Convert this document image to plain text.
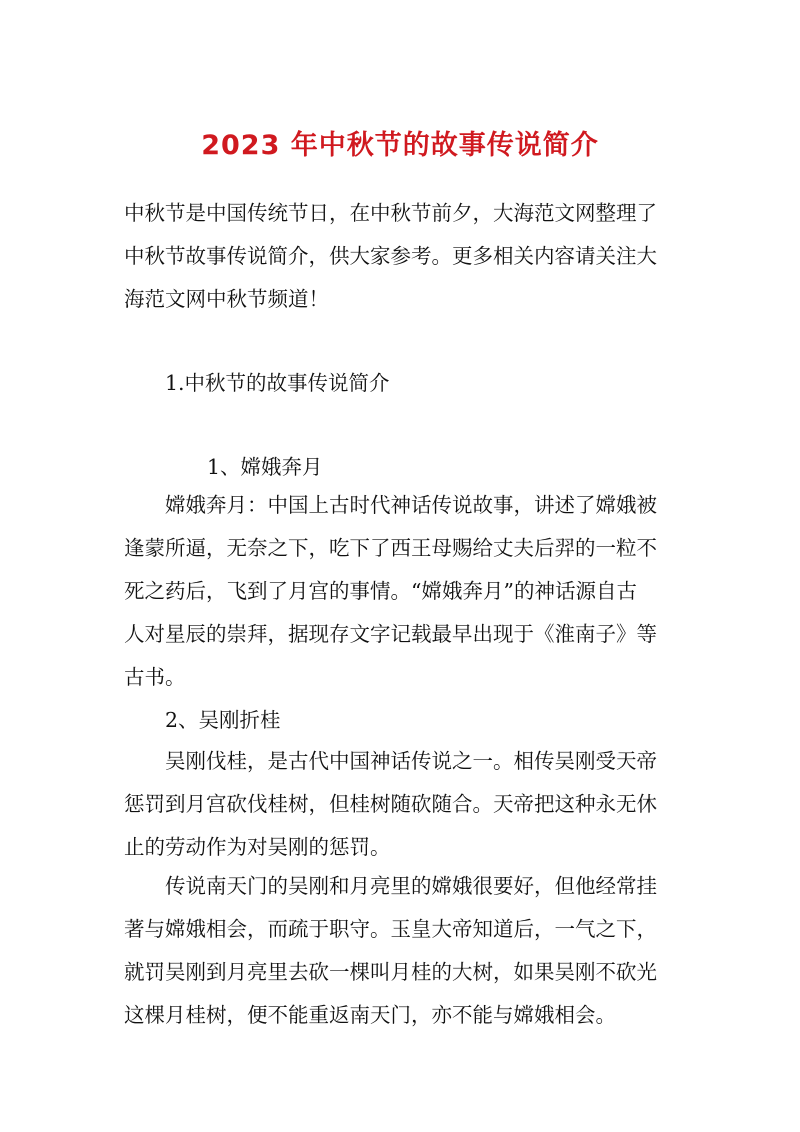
2023 年中秋节的故事传说简介

中秋节是中国传统节日，在中秋节前夕，大海范文网整理了

中秋节故事传说简介，供大家参考。更多相关内容请关注大

海范文网中秋节频道！

1.中秋节的故事传说简介

1、嫦娥奔月

嫦娥奔月：中国上古时代神话传说故事，讲述了嫦娥被

逢蒙所逼，无奈之下，吃下了西王母赐给丈夫后羿的一粒不

死之药后，飞到了月宫的事情。“嫦娥奔月”的神话源自古

人对星辰的崇拜，据现存文字记载最早出现于《淮南子》等

古书。

2、吴刚折桂

吴刚伐桂，是古代中国神话传说之一。相传吴刚受天帝

惩罚到月宫砍伐桂树，但桂树随砍随合。天帝把这种永无休

止的劳动作为对吴刚的惩罚。

传说南天门的吴刚和月亮里的嫦娥很要好，但他经常挂

著与嫦娥相会，而疏于职守。玉皇大帝知道后，一气之下，

就罚吴刚到月亮里去砍一棵叫月桂的大树，如果吴刚不砍光

这棵月桂树，便不能重返南天门，亦不能与嫦娥相会。
